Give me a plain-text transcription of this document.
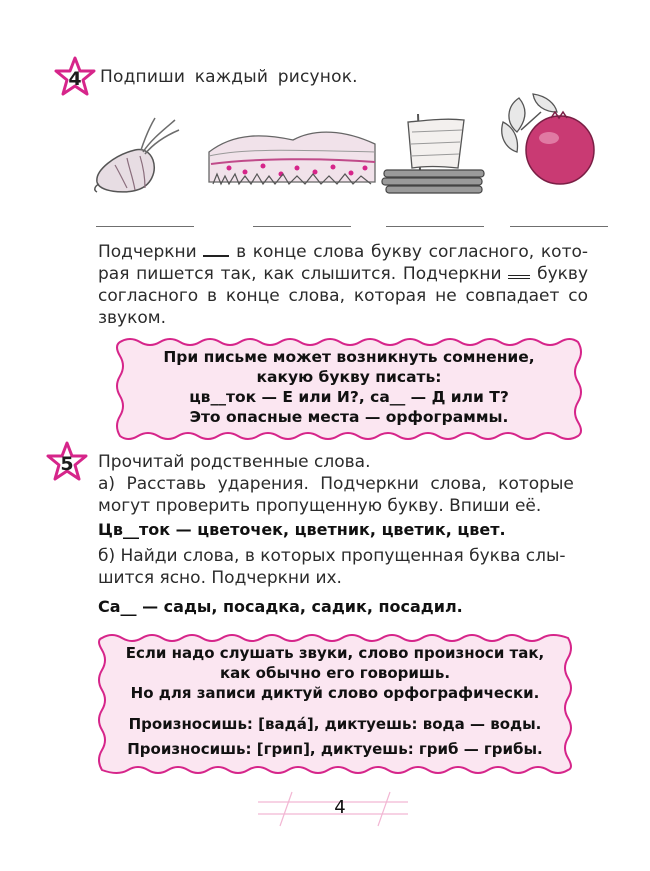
4	Подпиши каждый рисунок.
Подчеркни в конце слова букву согласного, кото-рая пишется так, как слышится. Подчеркни букву согласного в конце слова, которая не совпадает со звуком.
При письме может возникнуть сомнение,
какую букву писать:
цв__ток — Е или И?, са__ — Д или Т?
Это опасные места — орфограммы.
5	Прочитай родственные слова.
а) Расставь ударения. Подчеркни слова, которые
могут проверить пропущенную букву. Впиши её.
Цв__ток — цветочек, цветник, цветик, цвет.
б) Найди слова, в которых пропущенная буква слы-
шится ясно. Подчеркни их.
Са__ — сады, посадка, садик, посадил.
Если надо слушать звуки, слово произноси так,
как обычно его говоришь.
Но для записи диктуй слово орфографически.
Произносишь: [вада́], диктуешь: вода — воды.
Произносишь: [грип], диктуешь: гриб — грибы.
4
